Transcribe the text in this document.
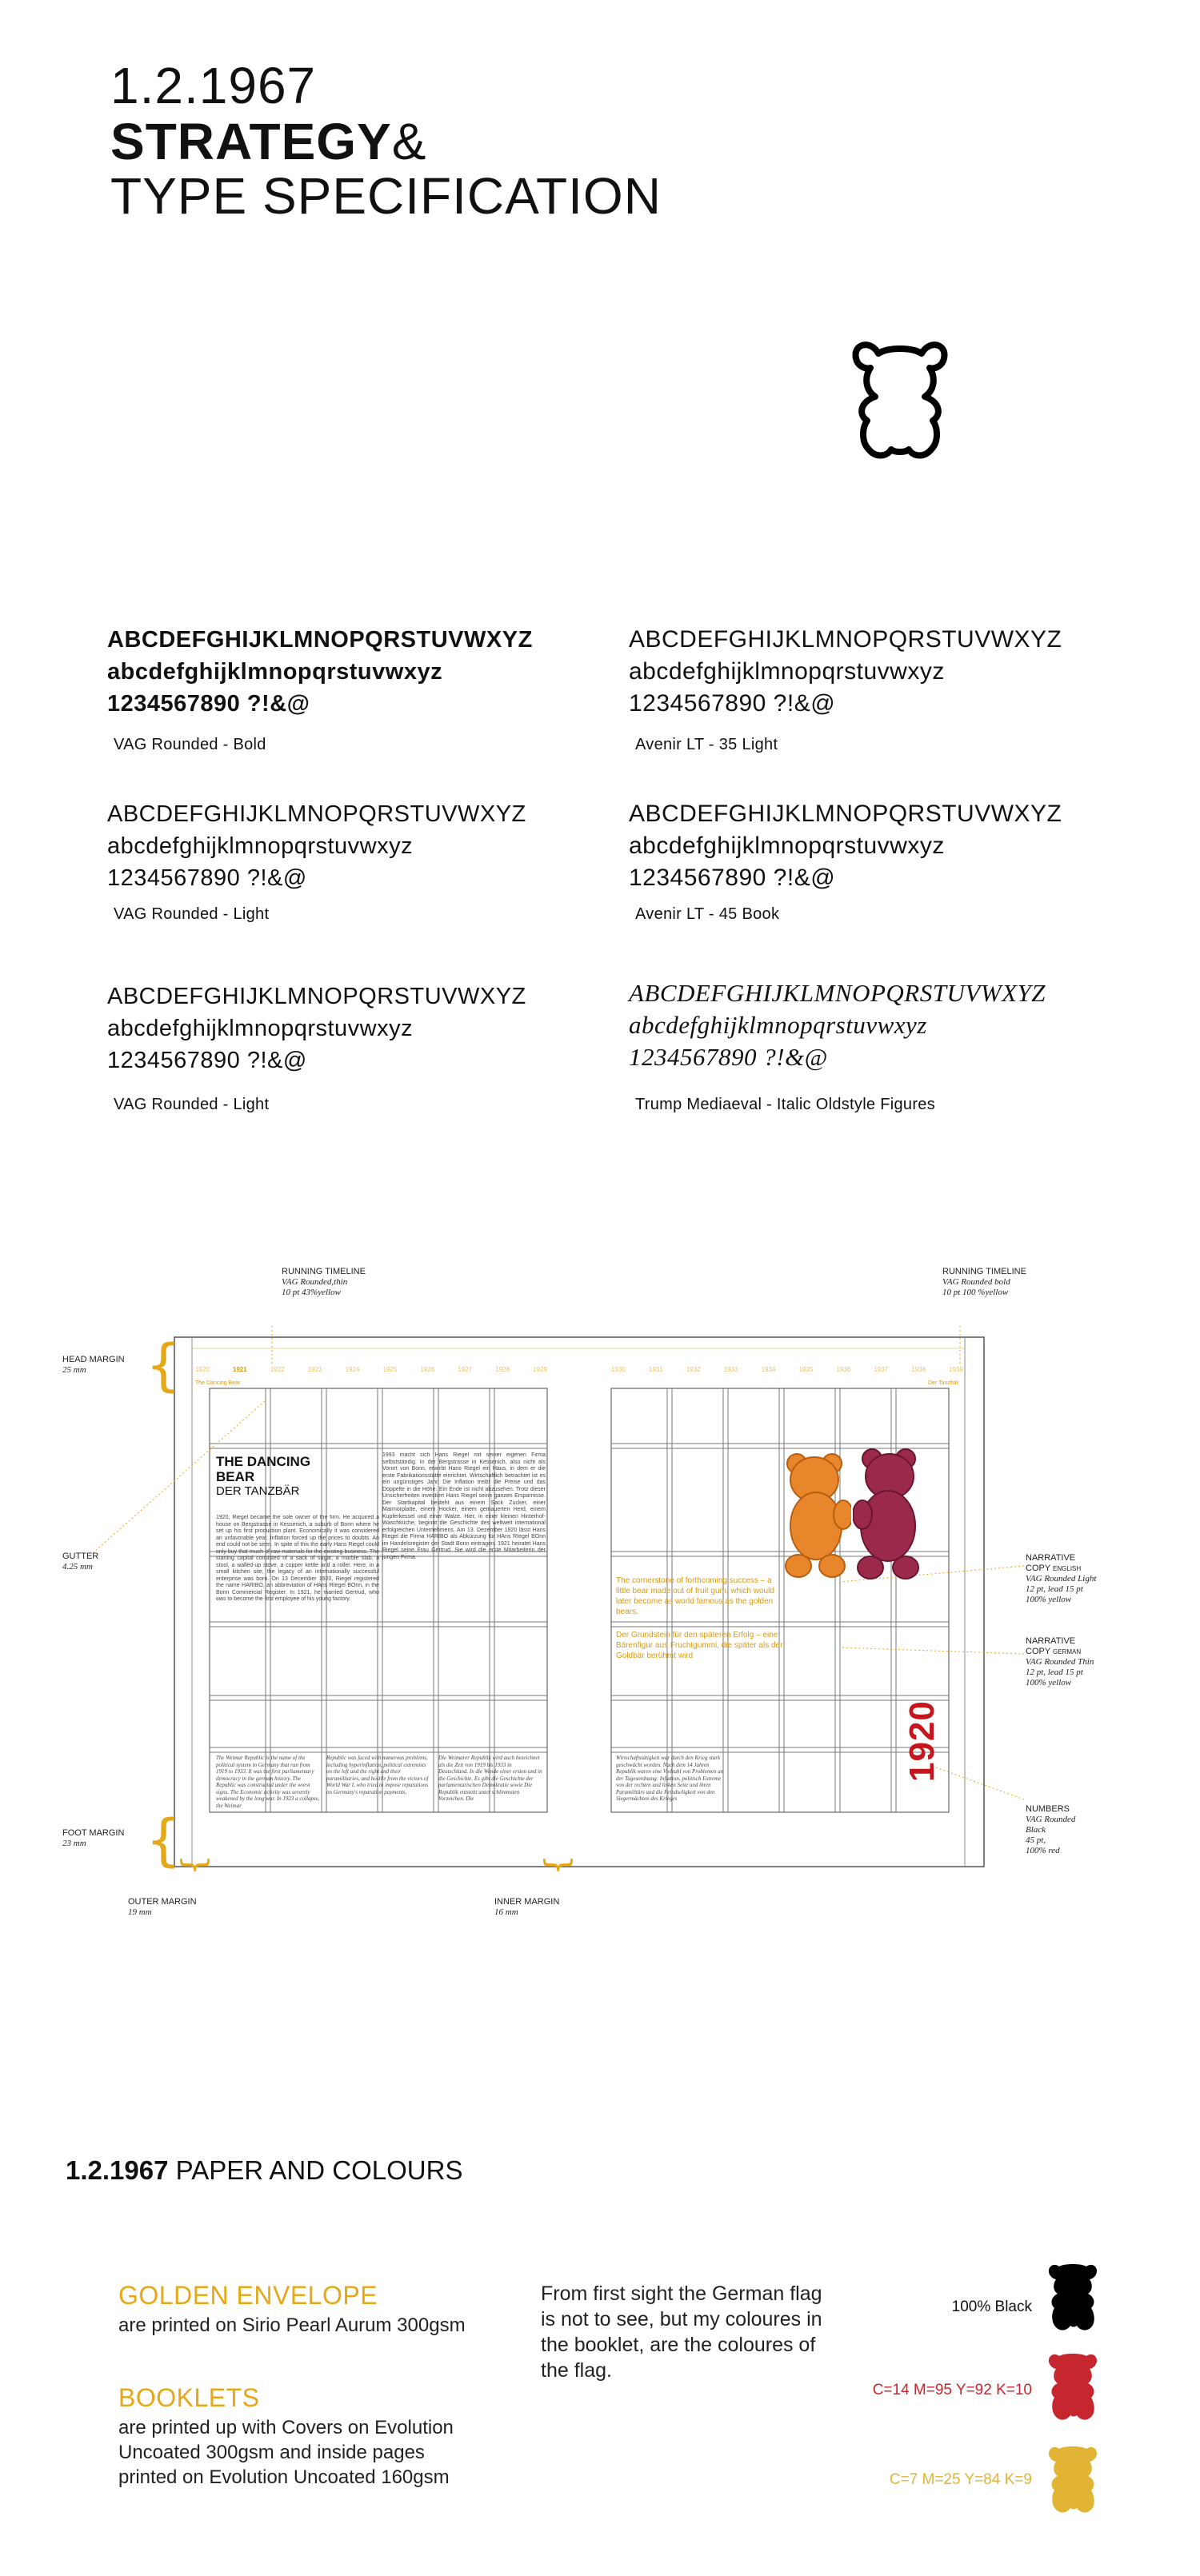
1.2.1967
STRATEGY&
TYPE SPECIFICATION
ABCDEFGHIJKLMNOPQRSTUVWXYZ
abcdefghijklmnopqrstuvwxyz
1234567890 ?!&@
VAG Rounded - Bold
ABCDEFGHIJKLMNOPQRSTUVWXYZ
abcdefghijklmnopqrstuvwxyz
1234567890 ?!&@
Avenir LT - 35 Light
ABCDEFGHIJKLMNOPQRSTUVWXYZ
abcdefghijklmnopqrstuvwxyz
1234567890 ?!&@
VAG Rounded - Light
ABCDEFGHIJKLMNOPQRSTUVWXYZ
abcdefghijklmnopqrstuvwxyz
1234567890 ?!&@
Avenir LT - 45 Book
ABCDEFGHIJKLMNOPQRSTUVWXYZ
abcdefghijklmnopqrstuvwxyz
1234567890 ?!&@
VAG Rounded - Light
ABCDEFGHIJKLMNOPQRSTUVWXYZ
abcdefghijklmnopqrstuvwxyz
1234567890 ?!&@
Trump Mediaeval - Italic Oldstyle Figures
RUNNING TIMELINE
VAG Rounded,thin
10 pt 43%yellow
RUNNING TIMELINE
VAG Rounded bold
10 pt 100 %yellow
HEAD MARGIN
25 mm	{
GUTTER
4.25 mm
FOOT MARGIN
23 mm	{
{
OUTER MARGIN
19 mm
{
INNER MARGIN
16 mm
NARRATIVE
COPY ENGLISH
VAG Rounded Light
12 pt, lead 15 pt
100% yellow
NARRATIVE
COPY GERMAN
VAG Rounded Thin
12 pt, lead 15 pt
100% yellow
NUMBERS
VAG Rounded
Black
45 pt,
100% red
1920	1921	1922	1923	1924	1925	1926	1927	1928	1929	1930	1931	1932	1933	1934	1935	1936	1937	1938	1939
The Dancing Bear	Der Tanzbär
THE DANCING
BEAR
DER TANZBÄR
1920, Riegel became the sole owner of the firm. He acquired a house on Bergstrasse in Kessenich, a suburb of Bonn where he set up his first production plant. Economically it was considered an unfavorable year. Inflation forced up the prices to doubts. An end could not be seen. In spite of this the early Hans Riegel could only buy that much of raw materials for the existing business. The starting capital consisted of a sack of sugar, a marble slab, a stool, a walled-up stove, a copper kettle and a roller. Here, in a small kitchen site, the legacy of an internationally successful enterprise was born. On 13 December 1920, Riegel registered the name HARIBO, an abbreviation of HAns RIegel BOnn, in the Bonn Commercial Register. In 1921, he married Gertrud, who was to become the first employee of his young factory.
1993 macht sich Hans Riegel mit seiner eigenen Firma selbstständig. In der Bergstrasse in Kessenich, also nicht als Vorort von Bonn, erwirbt Hans Riegel ein Haus, in dem er die erste Fabrikationsstätte einrichtet. Wirtschaftlich betrachtet ist es ein ungünstiges Jahr. Die Inflation treibt die Preise und das Doppelte in die Höhe. Ein Ende ist nicht abzusehen. Trotz dieser Unsicherheiten investiert Hans Riegel seine ganzen Ersparnisse. Der Startkapital besteht aus einem Sack Zucker, einer Marmorplatte, einem Hocker, einem gemauerten Herd, einem Kupferkessel und einer Walze. Hier, in einer kleinen Hinterhof-Waschküche, beginnt die Geschichte des weltweit international erfolgreichen Unternehmens. Am 13. Dezember 1920 lässt Hans Riegel die Firma HARIBO als Abkürzung für HAns RIegel BOnn im Handelsregister der Stadt Bonn eintragen. 1921 heiratet Hans Riegel seine Frau Gertrud. Sie wird die erste Mitarbeiterin der jungen Firma.
The Weimar Republic is the name of the political system in Germany that ran from 1919 to 1933. It was the first parliamentary democracy in the german history. The Republic was constructed under the worst signs. The Economic activity was severely weakened by the long war. In 1923 a collapse, the Weimar
Republic was faced with numerous problems, including hyperinflation, political extremists on the left and the right and their paramilitaries, and hostile from the victors of World War I, who tried to impose reparations on Germany's reparation payments.
Die Weimarer Republik wird auch bezeichnet als die Zeit von 1919 bis 1933 in Deutschland. In die Wende einer ersten und in die Geschichte. Es gibt die Geschichte der parlamentarischen Demokratie sowie Die Republik entsteht unter schlimmsten Vorzeichen. Die
Wirtschaftstätigkeit war durch den Krieg stark geschwächt worden. Nach dem 14 Jahren Republik waren eine Vielzahl von Problemen an der Tagesordnung: Inflation, politisch Extreme von der rechten und linken Seite und ihren Paramilitärs und die Feindseligkeit von den Siegermächten des Krieges
The cornerstone of forthcoming success – a little bear made out of fruit gum, which would later become as world famous as the golden bears.
Der Grundstein für den späteren Erfolg – eine Bärenfigur aus Fruchtgummi, die später als der Goldbär berühmt wird
1920
1.2.1967 PAPER AND COLOURS
GOLDEN ENVELOPE
are printed on Sirio Pearl Aurum 300gsm
BOOKLETS
are printed up with Covers on Evolution Uncoated 300gsm and inside pages printed on Evolution Uncoated 160gsm
From first sight the German flag is not to see, but my coloures in the booklet, are the coloures of the flag.
100% Black
C=14 M=95 Y=92 K=10
C=7 M=25 Y=84 K=9
